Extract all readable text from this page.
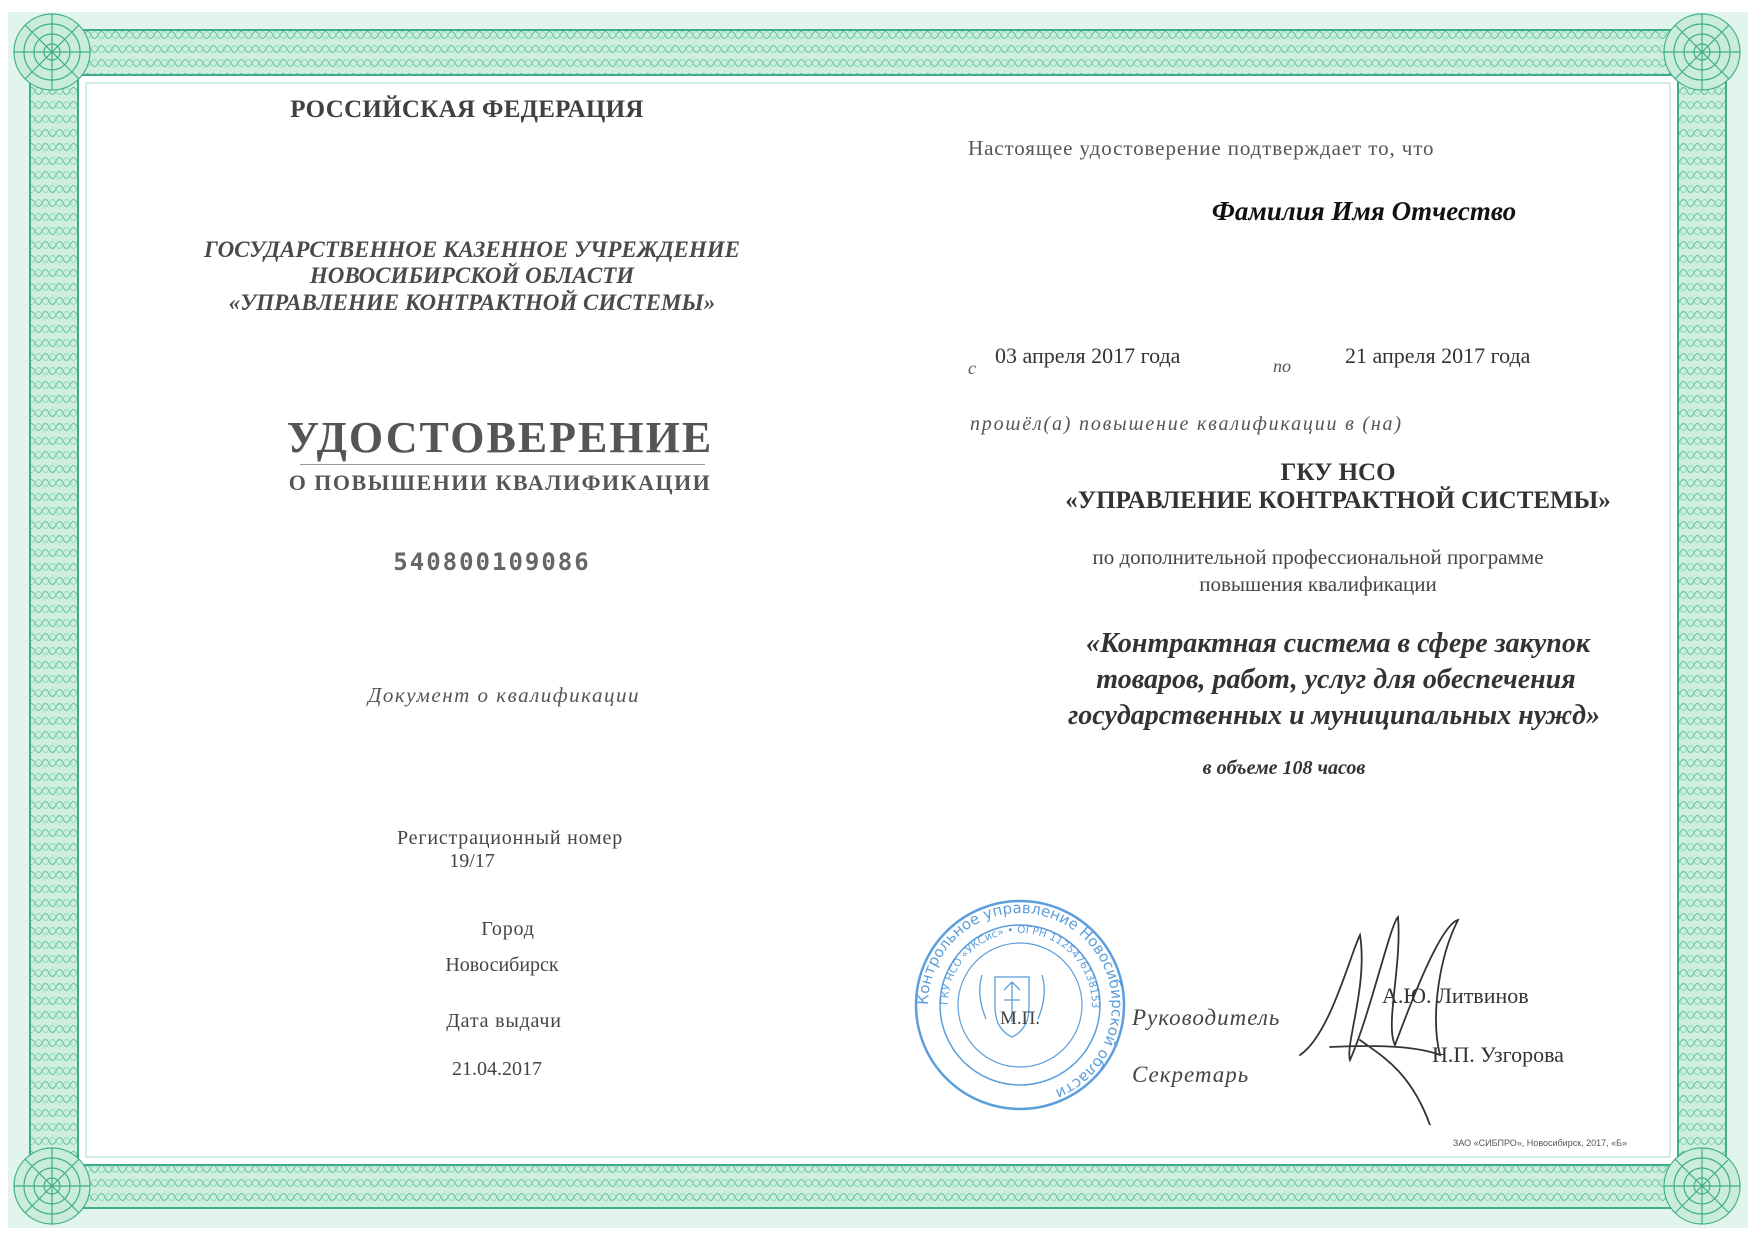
РОССИЙСКАЯ ФЕДЕРАЦИЯ
ГОСУДАРСТВЕННОЕ КАЗЕННОЕ УЧРЕЖДЕНИЕ
НОВОСИБИРСКОЙ ОБЛАСТИ
«УПРАВЛЕНИЕ КОНТРАКТНОЙ СИСТЕМЫ»
УДОСТОВЕРЕНИЕ
О ПОВЫШЕНИИ КВАЛИФИКАЦИИ
540800109086
Документ о квалификации
Регистрационный номер
19/17
Город
Новосибирск
Дата выдачи
21.04.2017
Настоящее удостоверение подтверждает то, что
Фамилия Имя Отчество
с 03 апреля 2017 года	по 21 апреля 2017 года
прошёл(а) повышение квалификации в (на)
ГКУ НСО
«УПРАВЛЕНИЕ КОНТРАКТНОЙ СИСТЕМЫ»
по дополнительной профессиональной программе
повышения квалификации
«Контрактная система в сфере закупок
товаров, работ, услуг для обеспечения
государственных и муниципальных нужд»
в объеме 108 часов
Контрольное управление Новосибирской области
ГКУ НСО «УКСис» • ОГРН 1125476138153
М.П.	Руководитель
А.Ю. Литвинов
Секретарь
Н.П. Узгорова
ЗАО «СИБПРО», Новосибирск, 2017, «Б»
